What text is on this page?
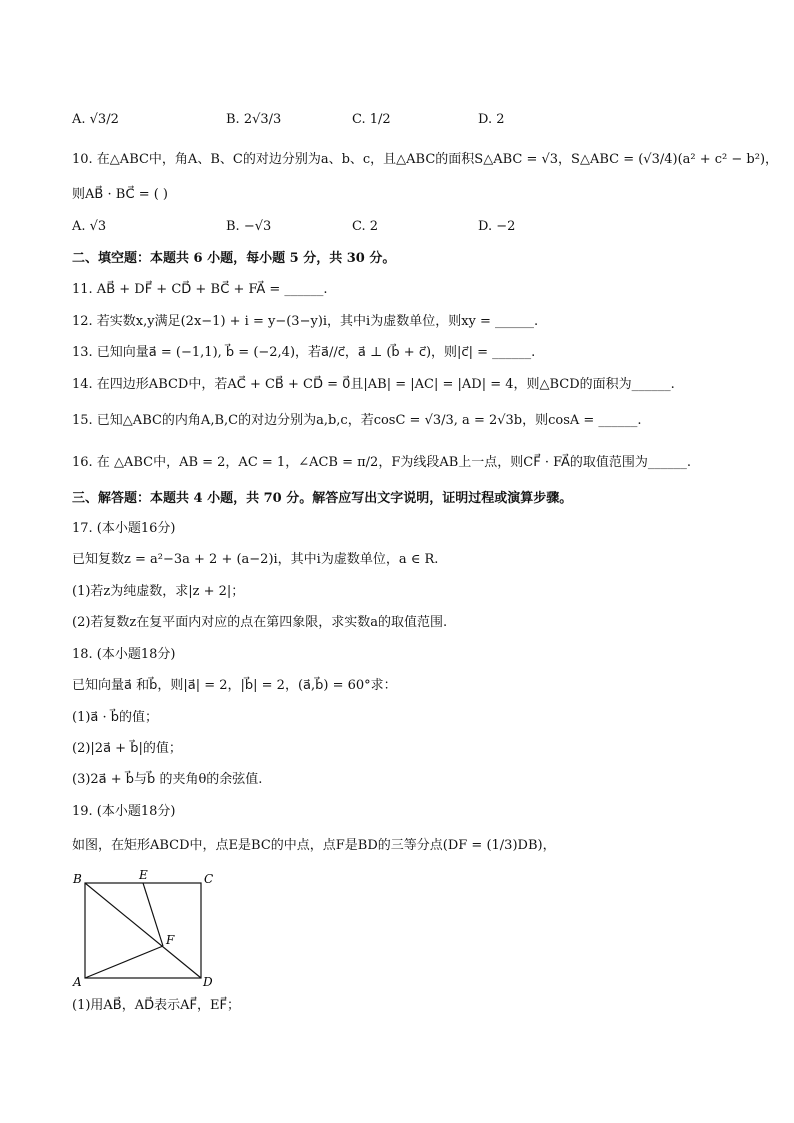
A. √3/2	B. 2√3/3	C. 1/2	D. 2
10. 在△ABC中，角A、B、C的对边分别为a、b、c，且△ABC的面积S△ABC = √3，S△ABC = (√3/4)(a² + c² − b²)，
则AB⃗ · BC⃗ = ( )
A. √3	B. −√3	C. 2	D. −2
二、填空题：本题共 6 小题，每小题 5 分，共 30 分。
11. AB⃗ + DF⃗ + CD⃗ + BC⃗ + FA⃗ = ______.
12. 若实数x,y满足(2x−1) + i = y−(3−y)i，其中i为虚数单位，则xy = ______.
13. 已知向量a⃗ = (−1,1), b⃗ = (−2,4)，若a⃗//c⃗，a⃗ ⊥ (b⃗ + c⃗)，则|c⃗| = ______.
14. 在四边形ABCD中，若AC⃗ + CB⃗ + CD⃗ = 0⃗且|AB| = |AC| = |AD| = 4，则△BCD的面积为______.
15. 已知△ABC的内角A,B,C的对边分别为a,b,c，若cosC = √3/3, a = 2√3b，则cosA = ______.
16. 在 △ABC中，AB = 2，AC = 1，∠ACB = π/2，F为线段AB上一点，则CF⃗ · FA⃗的取值范围为______.
三、解答题：本题共 4 小题，共 70 分。解答应写出文字说明，证明过程或演算步骤。
17. (本小题16分)
已知复数z = a²−3a + 2 + (a−2)i，其中i为虚数单位，a ∈ R.
(1)若z为纯虚数，求|z + 2|；
(2)若复数z在复平面内对应的点在第四象限，求实数a的取值范围.
18. (本小题18分)
已知向量a⃗ 和b⃗，则|a⃗| = 2，|b⃗| = 2，(a⃗,b⃗) = 60°求：
(1)a⃗ · b⃗的值；
(2)|2a⃗ + b⃗|的值；
(3)2a⃗ + b⃗与b⃗ 的夹角θ的余弦值.
19. (本小题18分)
如图，在矩形ABCD中，点E是BC的中点，点F是BD的三等分点(DF = (1/3)DB)，
B	E	C
F
A	D
(1)用AB⃗，AD⃗表示AF⃗，EF⃗；
